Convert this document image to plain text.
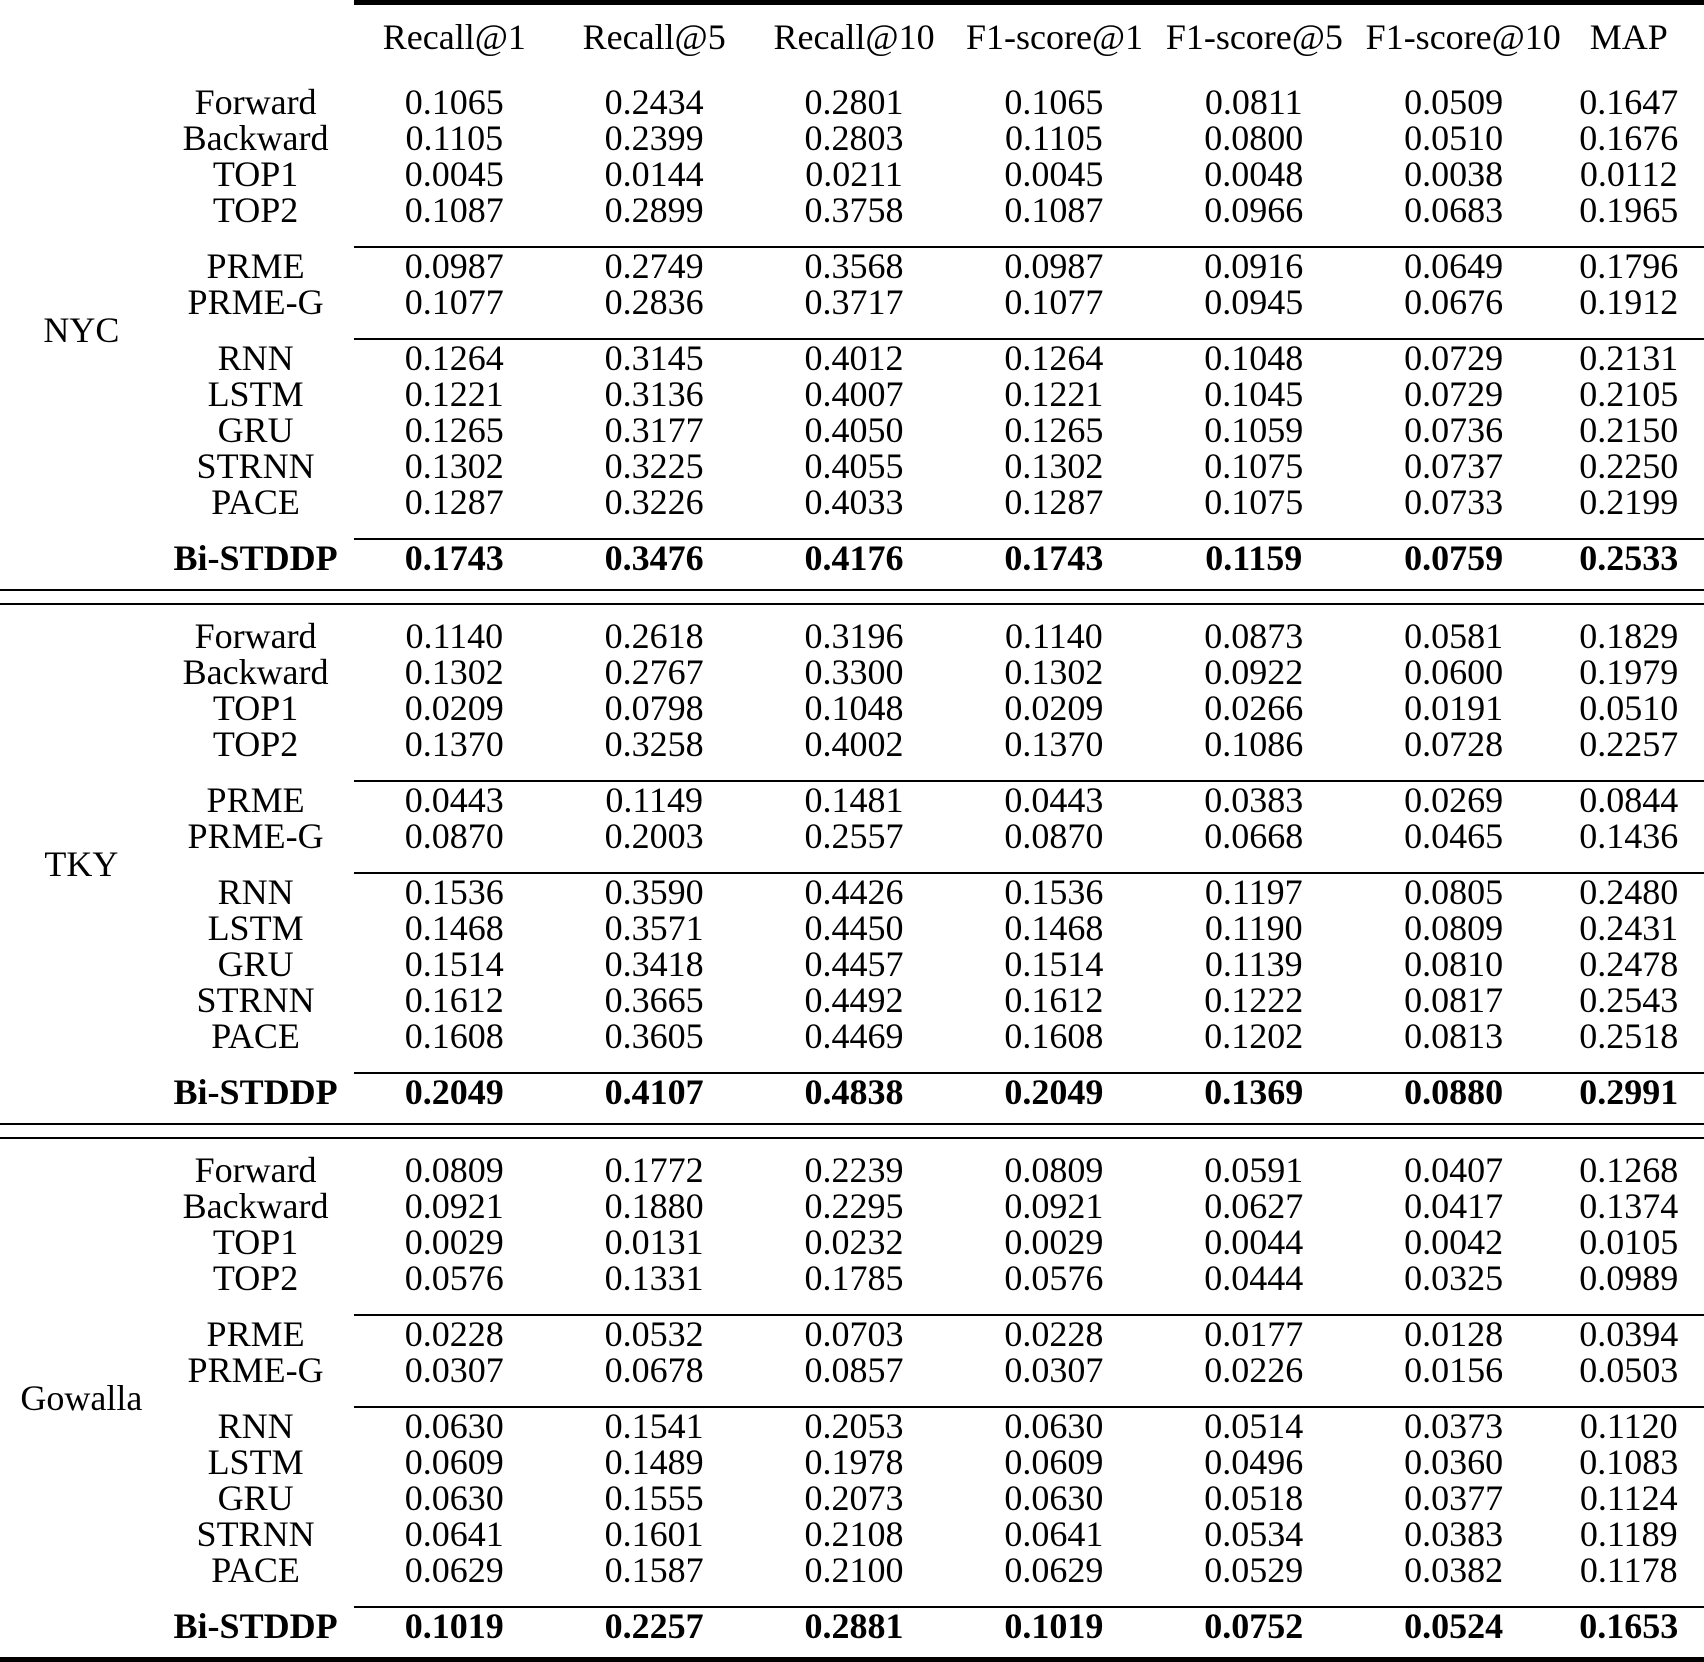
		Recall@1	Recall@5	Recall@10	F1-score@1	F1-score@5	F1-score@10	MAP
NYC								
	Forward	0.1065	0.2434	0.2801	0.1065	0.0811	0.0509	0.1647
	Backward	0.1105	0.2399	0.2803	0.1105	0.0800	0.0510	0.1676
	TOP1	0.0045	0.0144	0.0211	0.0045	0.0048	0.0038	0.0112
	TOP2	0.1087	0.2899	0.3758	0.1087	0.0966	0.0683	0.1965

	PRME	0.0987	0.2749	0.3568	0.0987	0.0916	0.0649	0.1796
	PRME-G	0.1077	0.2836	0.3717	0.1077	0.0945	0.0676	0.1912

	RNN	0.1264	0.3145	0.4012	0.1264	0.1048	0.0729	0.2131
	LSTM	0.1221	0.3136	0.4007	0.1221	0.1045	0.0729	0.2105
	GRU	0.1265	0.3177	0.4050	0.1265	0.1059	0.0736	0.2150
	STRNN	0.1302	0.3225	0.4055	0.1302	0.1075	0.0737	0.2250
	PACE	0.1287	0.3226	0.4033	0.1287	0.1075	0.0733	0.2199

	Bi-STDDP	0.1743	0.3476	0.4176	0.1743	0.1159	0.0759	0.2533

TKY								
	Forward	0.1140	0.2618	0.3196	0.1140	0.0873	0.0581	0.1829
	Backward	0.1302	0.2767	0.3300	0.1302	0.0922	0.0600	0.1979
	TOP1	0.0209	0.0798	0.1048	0.0209	0.0266	0.0191	0.0510
	TOP2	0.1370	0.3258	0.4002	0.1370	0.1086	0.0728	0.2257

	PRME	0.0443	0.1149	0.1481	0.0443	0.0383	0.0269	0.0844
	PRME-G	0.0870	0.2003	0.2557	0.0870	0.0668	0.0465	0.1436

	RNN	0.1536	0.3590	0.4426	0.1536	0.1197	0.0805	0.2480
	LSTM	0.1468	0.3571	0.4450	0.1468	0.1190	0.0809	0.2431
	GRU	0.1514	0.3418	0.4457	0.1514	0.1139	0.0810	0.2478
	STRNN	0.1612	0.3665	0.4492	0.1612	0.1222	0.0817	0.2543
	PACE	0.1608	0.3605	0.4469	0.1608	0.1202	0.0813	0.2518

	Bi-STDDP	0.2049	0.4107	0.4838	0.2049	0.1369	0.0880	0.2991

Gowalla								
	Forward	0.0809	0.1772	0.2239	0.0809	0.0591	0.0407	0.1268
	Backward	0.0921	0.1880	0.2295	0.0921	0.0627	0.0417	0.1374
	TOP1	0.0029	0.0131	0.0232	0.0029	0.0044	0.0042	0.0105
	TOP2	0.0576	0.1331	0.1785	0.0576	0.0444	0.0325	0.0989

	PRME	0.0228	0.0532	0.0703	0.0228	0.0177	0.0128	0.0394
	PRME-G	0.0307	0.0678	0.0857	0.0307	0.0226	0.0156	0.0503

	RNN	0.0630	0.1541	0.2053	0.0630	0.0514	0.0373	0.1120
	LSTM	0.0609	0.1489	0.1978	0.0609	0.0496	0.0360	0.1083
	GRU	0.0630	0.1555	0.2073	0.0630	0.0518	0.0377	0.1124
	STRNN	0.0641	0.1601	0.2108	0.0641	0.0534	0.0383	0.1189
	PACE	0.0629	0.1587	0.2100	0.0629	0.0529	0.0382	0.1178

	Bi-STDDP	0.1019	0.2257	0.2881	0.1019	0.0752	0.0524	0.1653
